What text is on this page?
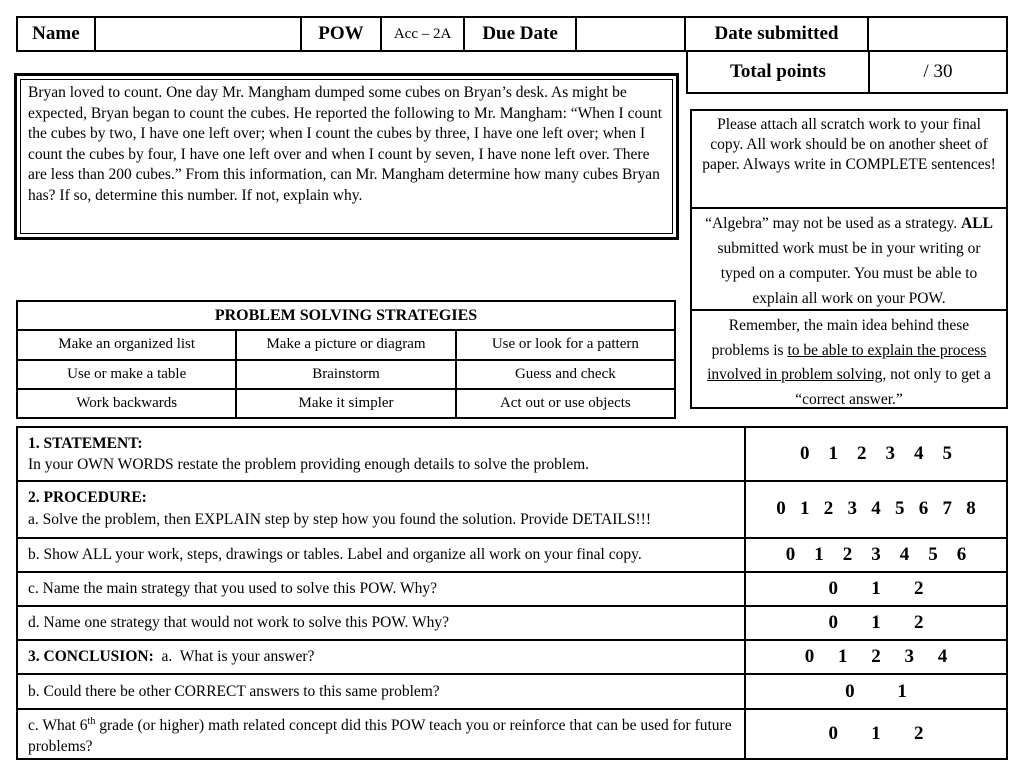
Name		POW	Acc – 2A	Due Date		Date submitted	
Total points	/ 30
Bryan loved to count. One day Mr. Mangham dumped some cubes on Bryan’s desk. As might be expected, Bryan began to count the cubes. He reported the following to Mr. Mangham: “When I count the cubes by two, I have one left over; when I count the cubes by three, I have one left over; when I count the cubes by four, I have one left over and when I count by seven, I have none left over. There are less than 200 cubes.” From this information, can Mr. Mangham determine how many cubes Bryan has? If so, determine this number. If not, explain why.
Please attach all scratch work to your final copy. All work should be on another sheet of paper. Always write in COMPLETE sentences!
“Algebra” may not be used as a strategy. ALL submitted work must be in your writing or typed on a computer. You must be able to explain all work on your POW.
Remember, the main idea behind these problems is to be able to explain the process involved in problem solving, not only to get a “correct answer.”
PROBLEM SOLVING STRATEGIES		
Make an organized list	Make a picture or diagram	Use or look for a pattern
Use or make a table	Brainstorm	Guess and check
Work backwards	Make it simpler	Act out or use objects
1. STATEMENT:
In your OWN WORDS restate the problem providing enough details to solve the problem.	0    1    2    3    4    5

2. PROCEDURE:
a. Solve the problem, then EXPLAIN step by step how you found the solution. Provide DETAILS!!!	0   1   2   3   4   5   6   7   8
b. Show ALL your work, steps, drawings or tables. Label and organize all work on your final copy.	0    1    2    3    4    5    6
c. Name the main strategy that you used to solve this POW. Why?	0       1       2
d. Name one strategy that would not work to solve this POW. Why?	0       1       2
3. CONCLUSION:  a.  What is your answer?	0     1     2     3     4
b. Could there be other CORRECT answers to this same problem?	0         1
c. What 6th grade (or higher) math related concept did this POW teach you or reinforce that can be used for future problems?	0       1       2
